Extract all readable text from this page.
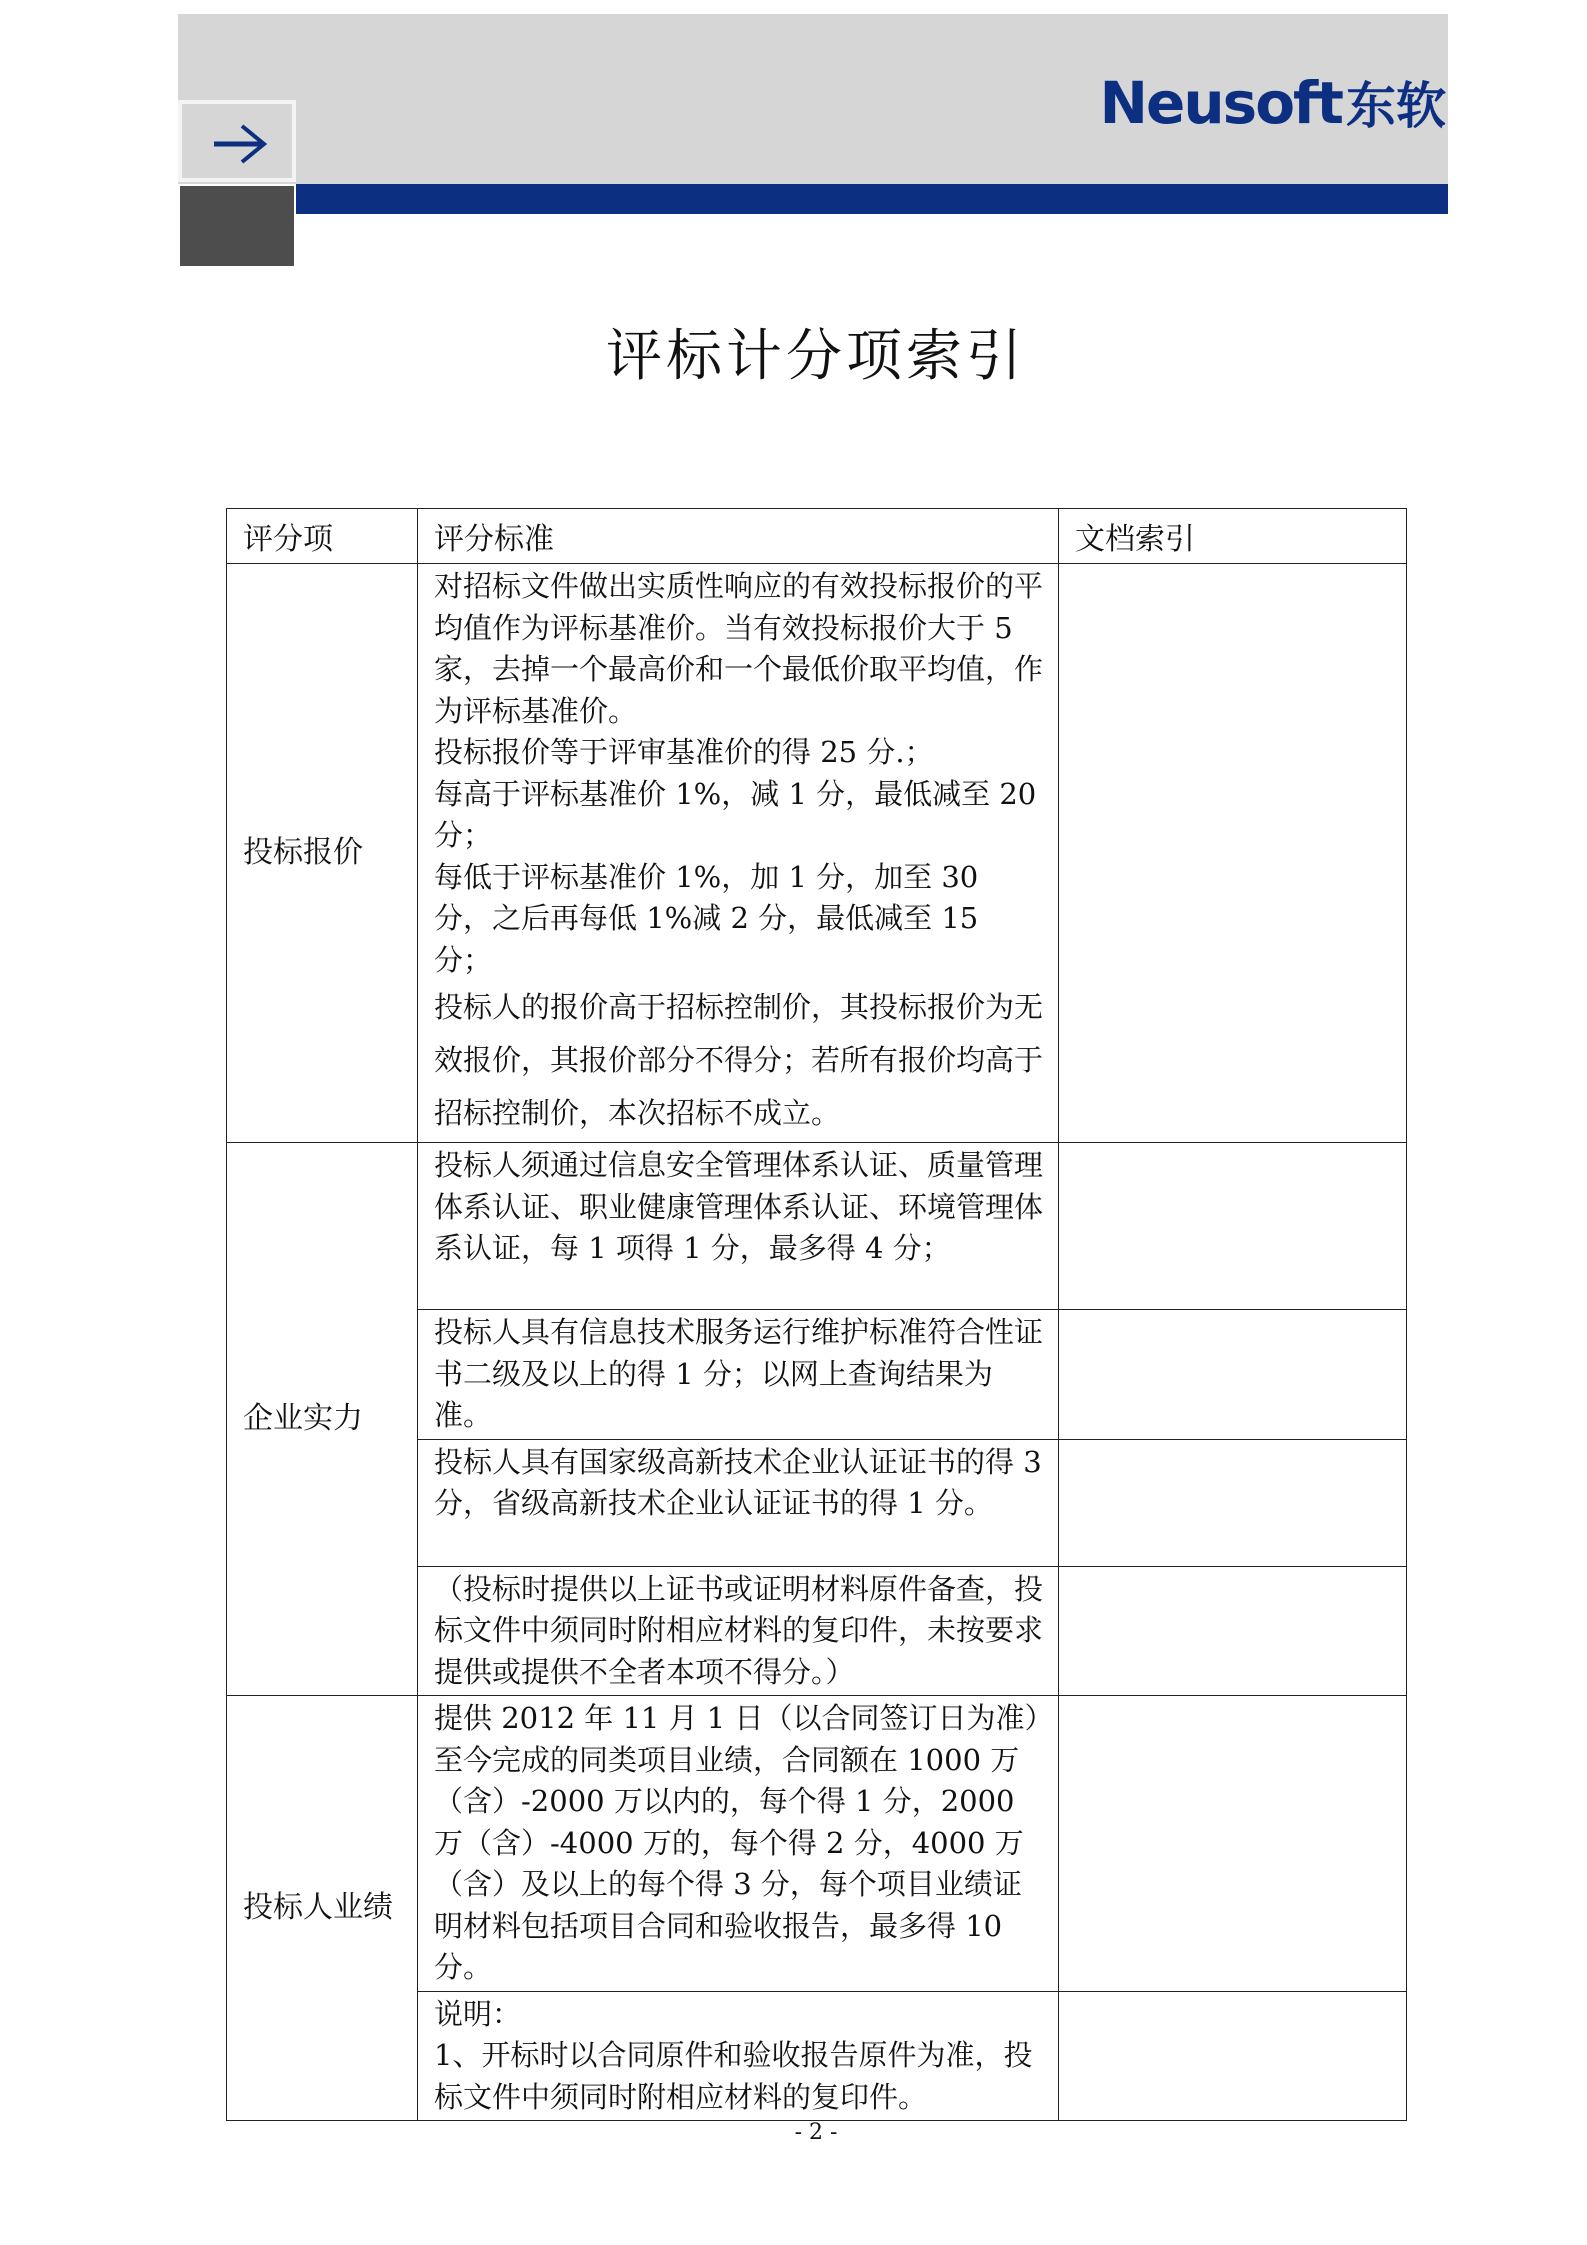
Neusoft东软
评标计分项索引
评分项	评分标准	文档索引
投标报价	对招标文件做出实质性响应的有效投标报价的平均值作为评标基准价。当有效投标报价大于 5 家，去掉一个最高价和一个最低价取平均值，作为评标基准价。

投标报价等于评审基准价的得 25 分.；

每高于评标基准价 1%，减 1 分，最低减至 20 分；

每低于评标基准价 1%，加 1 分，加至 30 分，之后再每低 1%减 2 分，最低减至 15 分；

投标人的报价高于招标控制价，其投标报价为无效报价，其报价部分不得分；若所有报价均高于招标控制价，本次招标不成立。	

企业实力	投标人须通过信息安全管理体系认证、质量管理体系认证、职业健康管理体系认证、环境管理体系认证，每 1 项得 1 分，最多得 4 分；	

	投标人具有信息技术服务运行维护标准符合性证书二级及以上的得 1 分；以网上查询结果为准。	

	投标人具有国家级高新技术企业认证证书的得 3 分，省级高新技术企业认证证书的得 1 分。	

	（投标时提供以上证书或证明材料原件备查，投标文件中须同时附相应材料的复印件，未按要求提供或提供不全者本项不得分。）	

投标人业绩	提供 2012 年 11 月 1 日（以合同签订日为准）至今完成的同类项目业绩，合同额在 1000 万（含）-2000 万以内的，每个得 1 分，2000 万（含）-4000 万的，每个得 2 分，4000 万（含）及以上的每个得 3 分，每个项目业绩证明材料包括项目合同和验收报告，最多得 10 分。	

	说明：

1、开标时以合同原件和验收报告原件为准，投标文件中须同时附相应材料的复印件。	

- 2 -
